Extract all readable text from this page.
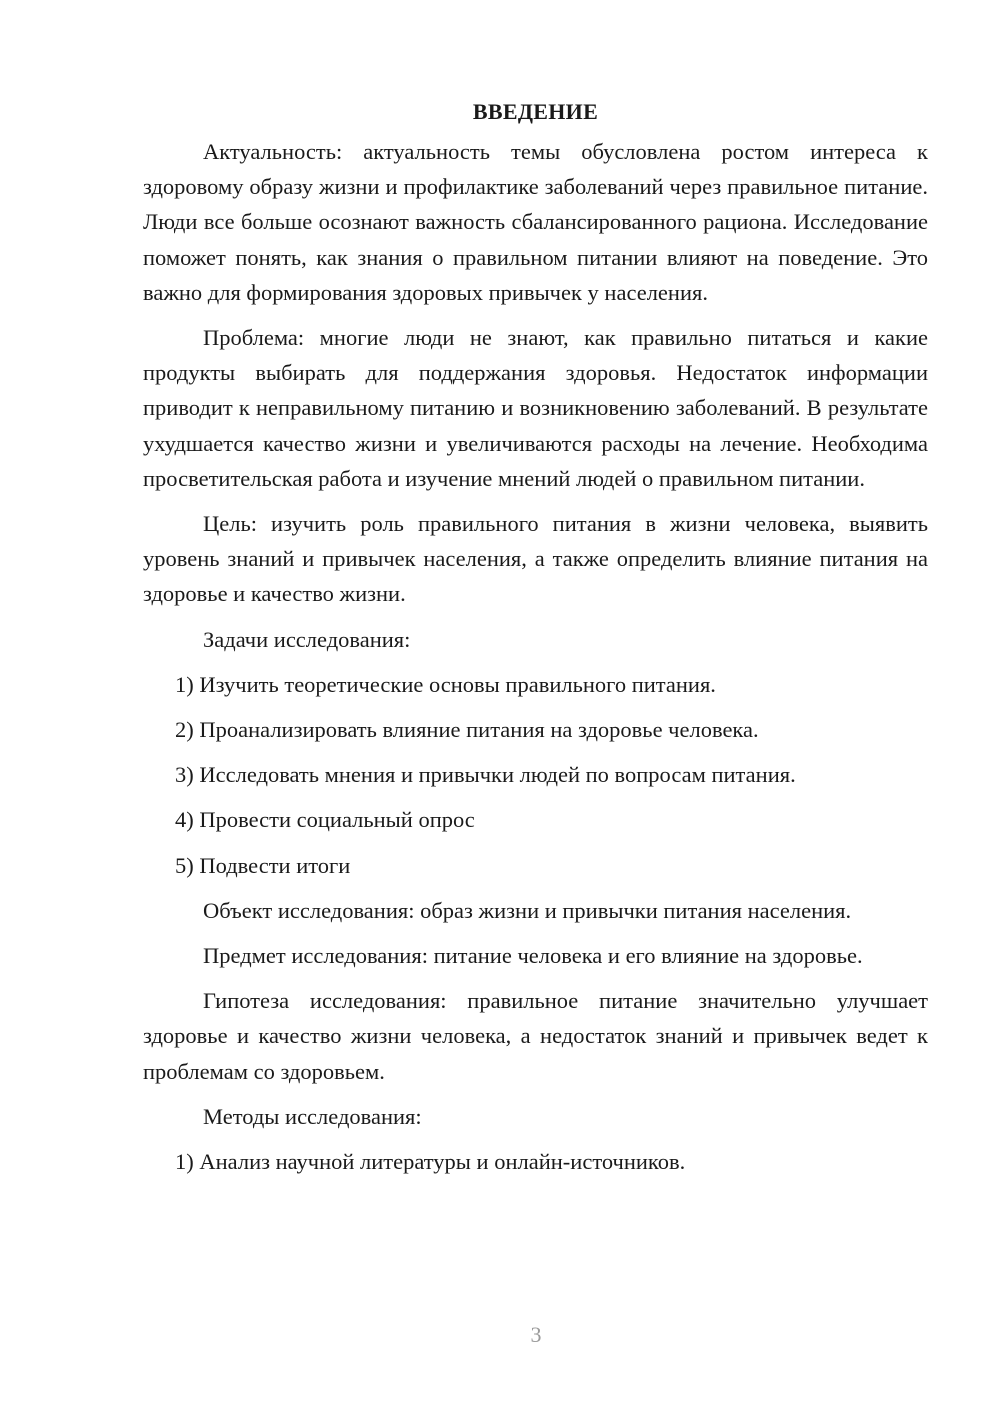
ВВЕДЕНИЕ

Актуальность: актуальность темы обусловлена ростом интереса к здоровому образу жизни и профилактике заболеваний через правильное питание. Люди все больше осознают важность сбалансированного рациона. Исследование поможет понять, как знания о правильном питании влияют на поведение. Это важно для формирования здоровых привычек у населения.

Проблема: многие люди не знают, как правильно питаться и какие продукты выбирать для поддержания здоровья. Недостаток информации приводит к неправильному питанию и возникновению заболеваний. В результате ухудшается качество жизни и увеличиваются расходы на лечение. Необходима просветительская работа и изучение мнений людей о правильном питании.

Цель: изучить роль правильного питания в жизни человека, выявить уровень знаний и привычек населения, а также определить влияние питания на здоровье и качество жизни.

Задачи исследования:
1) Изучить теоретические основы правильного питания.
2) Проанализировать влияние питания на здоровье человека.
3) Исследовать мнения и привычки людей по вопросам питания.
4) Провести социальный опрос
5) Подвести итоги
Объект исследования: образ жизни и привычки питания населения.

Предмет исследования: питание человека и его влияние на здоровье.

Гипотеза исследования: правильное питание значительно улучшает здоровье и качество жизни человека, а недостаток знаний и привычек ведет к проблемам со здоровьем.

Методы исследования:
1) Анализ научной литературы и онлайн-источников.
3
